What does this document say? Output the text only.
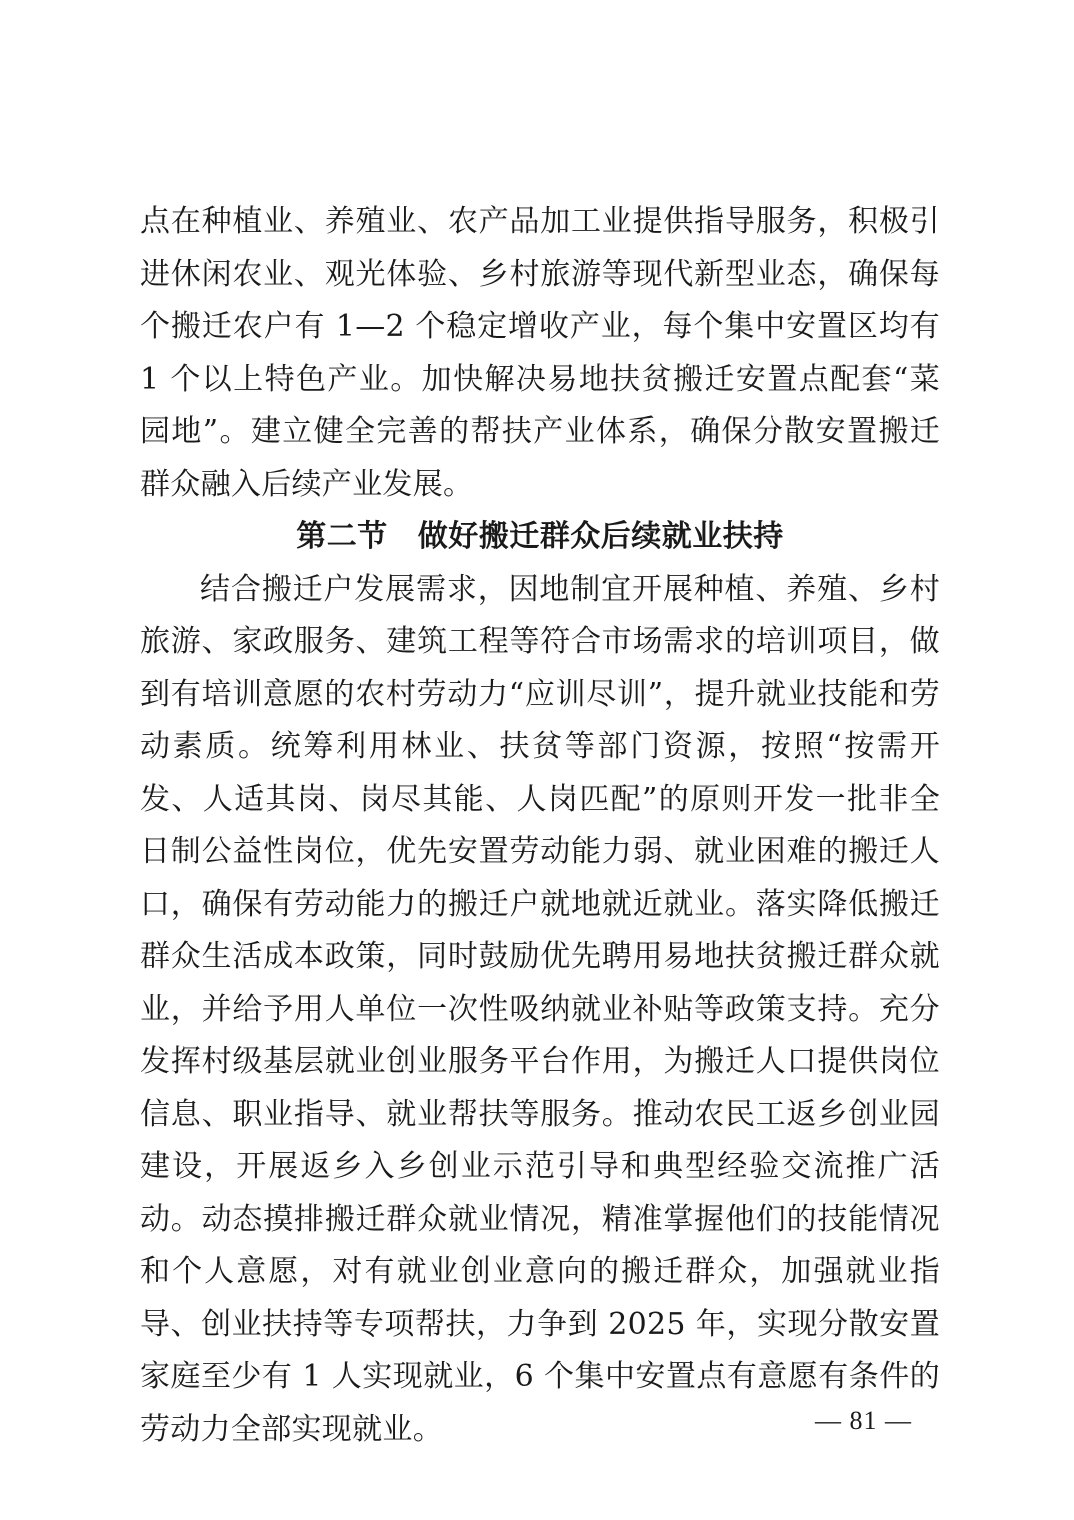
点在种植业、养殖业、农产品加工业提供指导服务，积极引进休闲农业、观光体验、乡村旅游等现代新型业态，确保每个搬迁农户有 1—2 个稳定增收产业，每个集中安置区均有 1 个以上特色产业。加快解决易地扶贫搬迁安置点配套“菜园地”。建立健全完善的帮扶产业体系，确保分散安置搬迁群众融入后续产业发展。

第二节 做好搬迁群众后续就业扶持

结合搬迁户发展需求，因地制宜开展种植、养殖、乡村旅游、家政服务、建筑工程等符合市场需求的培训项目，做到有培训意愿的农村劳动力“应训尽训”，提升就业技能和劳动素质。统筹利用林业、扶贫等部门资源，按照“按需开发、人适其岗、岗尽其能、人岗匹配”的原则开发一批非全日制公益性岗位，优先安置劳动能力弱、就业困难的搬迁人口，确保有劳动能力的搬迁户就地就近就业。落实降低搬迁群众生活成本政策，同时鼓励优先聘用易地扶贫搬迁群众就业，并给予用人单位一次性吸纳就业补贴等政策支持。充分发挥村级基层就业创业服务平台作用，为搬迁人口提供岗位信息、职业指导、就业帮扶等服务。推动农民工返乡创业园建设，开展返乡入乡创业示范引导和典型经验交流推广活动。动态摸排搬迁群众就业情况，精准掌握他们的技能情况和个人意愿，对有就业创业意向的搬迁群众，加强就业指导、创业扶持等专项帮扶，力争到 2025 年，实现分散安置家庭至少有 1 人实现就业，6 个集中安置点有意愿有条件的劳动力全部实现就业。	— 81 —
